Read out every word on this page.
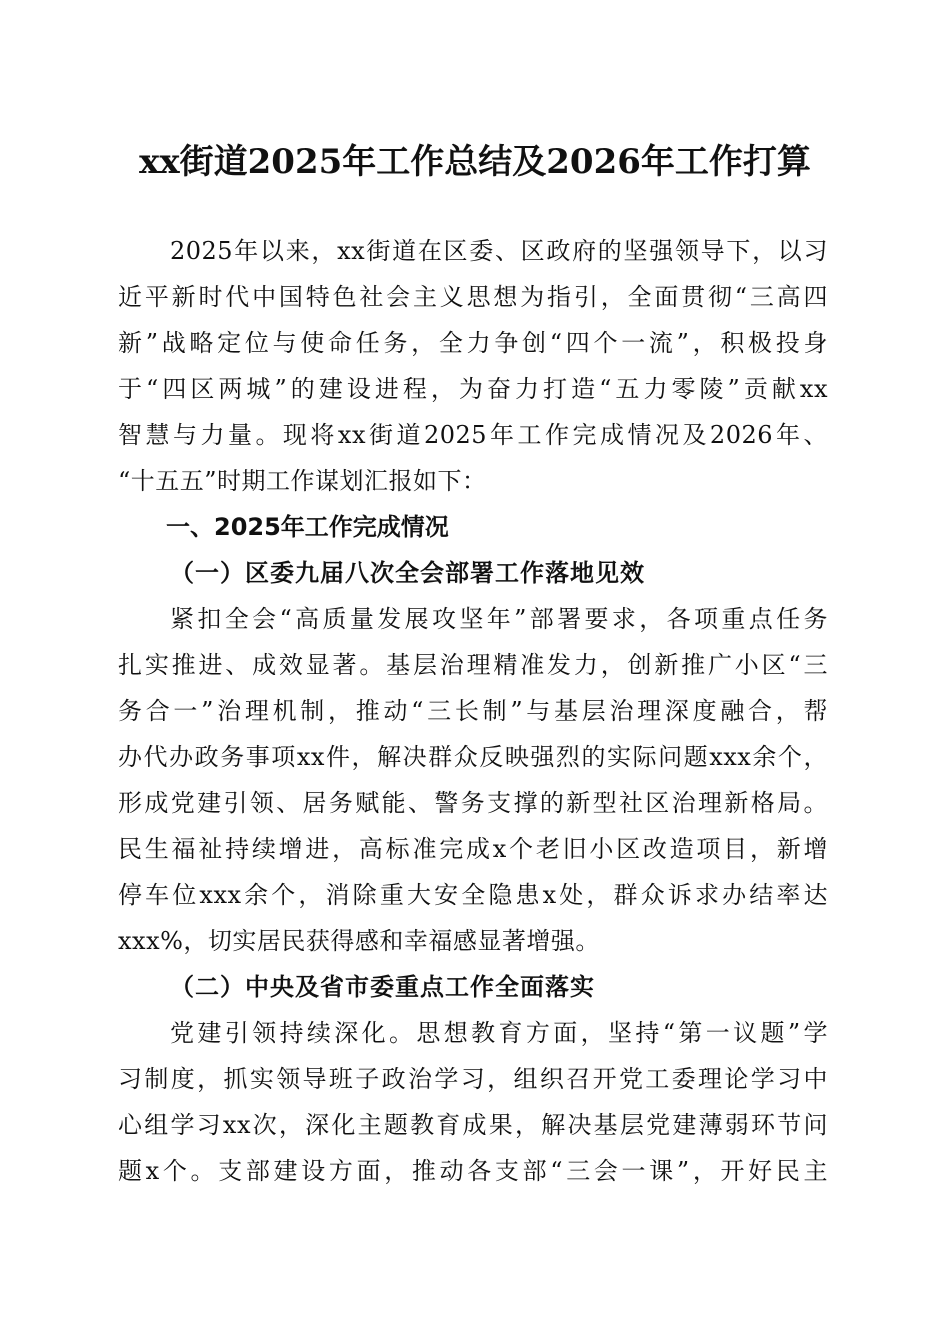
xx街道2025年工作总结及2026年工作打算
2025年以来，xx街道在区委、区政府的坚强领导下，以习
近平新时代中国特色社会主义思想为指引，全面贯彻“三高四
新”战略定位与使命任务，全力争创“四个一流”，积极投身
于“四区两城”的建设进程，为奋力打造“五力零陵”贡献xx
智慧与力量。现将xx街道2025年工作完成情况及2026年、
“十五五”时期工作谋划汇报如下：
一、2025年工作完成情况
（一）区委九届八次全会部署工作落地见效
紧扣全会“高质量发展攻坚年”部署要求，各项重点任务
扎实推进、成效显著。基层治理精准发力，创新推广小区“三
务合一”治理机制，推动“三长制”与基层治理深度融合，帮
办代办政务事项xx件，解决群众反映强烈的实际问题xxx余个，
形成党建引领、居务赋能、警务支撑的新型社区治理新格局。
民生福祉持续增进，高标准完成x个老旧小区改造项目，新增
停车位xxx余个，消除重大安全隐患x处，群众诉求办结率达
xxx%，切实居民获得感和幸福感显著增强。
（二）中央及省市委重点工作全面落实
党建引领持续深化。思想教育方面，坚持“第一议题”学
习制度，抓实领导班子政治学习，组织召开党工委理论学习中
心组学习xx次，深化主题教育成果，解决基层党建薄弱环节问
题x个。支部建设方面，推动各支部“三会一课”，开好民主
